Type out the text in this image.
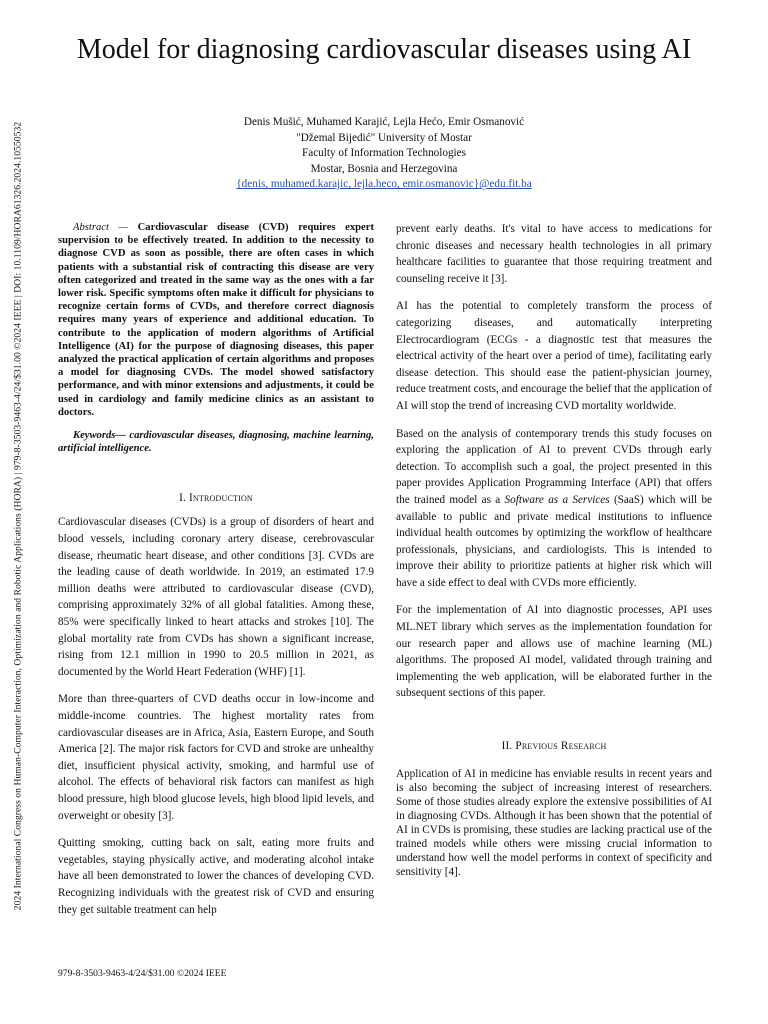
2024 International Congress on Human-Computer Interaction, Optimization and Robotic Applications (HORA) | 979-8-3503-9463-4/24/$31.00 ©2024 IEEE | DOI: 10.1109/HORA61326.2024.10550532
Model for diagnosing cardiovascular diseases using AI
Denis Mušić, Muhamed Karajić, Lejla Hećo, Emir Osmanović
"Džemal Bijedić" University of Mostar
Faculty of Information Technologies
Mostar, Bosnia and Herzegovina
{denis, muhamed.karajic, lejla.heco, emir.osmanovic}@edu.fit.ba

Abstract — Cardiovascular disease (CVD) requires expert supervision to be effectively treated. In addition to the necessity to diagnose CVD as soon as possible, there are often cases in which patients with a substantial risk of contracting this disease are very often categorized and treated in the same way as the ones with a far lower risk. Specific symptoms often make it difficult for physicians to recognize certain forms of CVDs, and therefore correct diagnosis requires many years of experience and additional education. To contribute to the application of modern algorithms of Artificial Intelligence (AI) for the purpose of diagnosing diseases, this paper analyzed the practical application of certain algorithms and proposes a model for diagnosing CVDs. The model showed satisfactory performance, and with minor extensions and adjustments, it could be used in cardiology and family medicine clinics as an assistant to doctors.

Keywords— cardiovascular diseases, diagnosing, machine learning, artificial intelligence.

I. Introduction

Cardiovascular diseases (CVDs) is a group of disorders of heart and blood vessels, including coronary artery disease, cerebrovascular disease, rheumatic heart disease, and other conditions [3]. CVDs are the leading cause of death worldwide. In 2019, an estimated 17.9 million deaths were attributed to cardiovascular disease (CVD), comprising approximately 32% of all global fatalities. Among these, 85% were specifically linked to heart attacks and strokes [10]. The global mortality rate from CVDs has shown a significant increase, rising from 12.1 million in 1990 to 20.5 million in 2021, as documented by the World Heart Federation (WHF) [1].

More than three-quarters of CVD deaths occur in low-income and middle-income countries. The highest mortality rates from cardiovascular diseases are in Africa, Asia, Eastern Europe, and South America [2]. The major risk factors for CVD and stroke are unhealthy diet, insufficient physical activity, smoking, and harmful use of alcohol. The effects of behavioral risk factors can manifest as high blood pressure, high blood glucose levels, high blood lipid levels, and overweight or obesity [3].

Quitting smoking, cutting back on salt, eating more fruits and vegetables, staying physically active, and moderating alcohol intake have all been demonstrated to lower the chances of developing CVD. Recognizing individuals with the greatest risk of CVD and ensuring they get suitable treatment can help

prevent early deaths. It's vital to have access to medications for chronic diseases and necessary health technologies in all primary healthcare facilities to guarantee that those requiring treatment and counseling receive it [3].

AI has the potential to completely transform the process of categorizing diseases, and automatically interpreting Electrocardiogram (ECGs - a diagnostic test that measures the electrical activity of the heart over a period of time), facilitating early disease detection. This should ease the patient-physician journey, reduce treatment costs, and encourage the belief that the application of AI will stop the trend of increasing CVD mortality worldwide.

Based on the analysis of contemporary trends this study focuses on exploring the application of AI to prevent CVDs through early detection. To accomplish such a goal, the project presented in this paper provides Application Programming Interface (API) that offers the trained model as a Software as a Services (SaaS) which will be available to public and private medical institutions to influence individual health outcomes by optimizing the workflow of healthcare professionals, physicians, and cardiologists. This is intended to improve their ability to prioritize patients at higher risk which will have a side effect to deal with CVDs more efficiently.

For the implementation of AI into diagnostic processes, API uses ML.NET library which serves as the implementation foundation for our research paper and allows use of machine learning (ML) algorithms. The proposed AI model, validated through training and implementing the web application, will be elaborated further in the subsequent sections of this paper.

II. Previous Research

Application of AI in medicine has enviable results in recent years and is also becoming the subject of increasing interest of researchers. Some of those studies already explore the extensive possibilities of AI in diagnosing CVDs. Although it has been shown that the potential of AI in CVDs is promising, these studies are lacking practical use of the trained models while others were missing crucial information to understand how well the model performs in context of specificity and sensitivity [4].

979-8-3503-9463-4/24/$31.00 ©2024 IEEE
